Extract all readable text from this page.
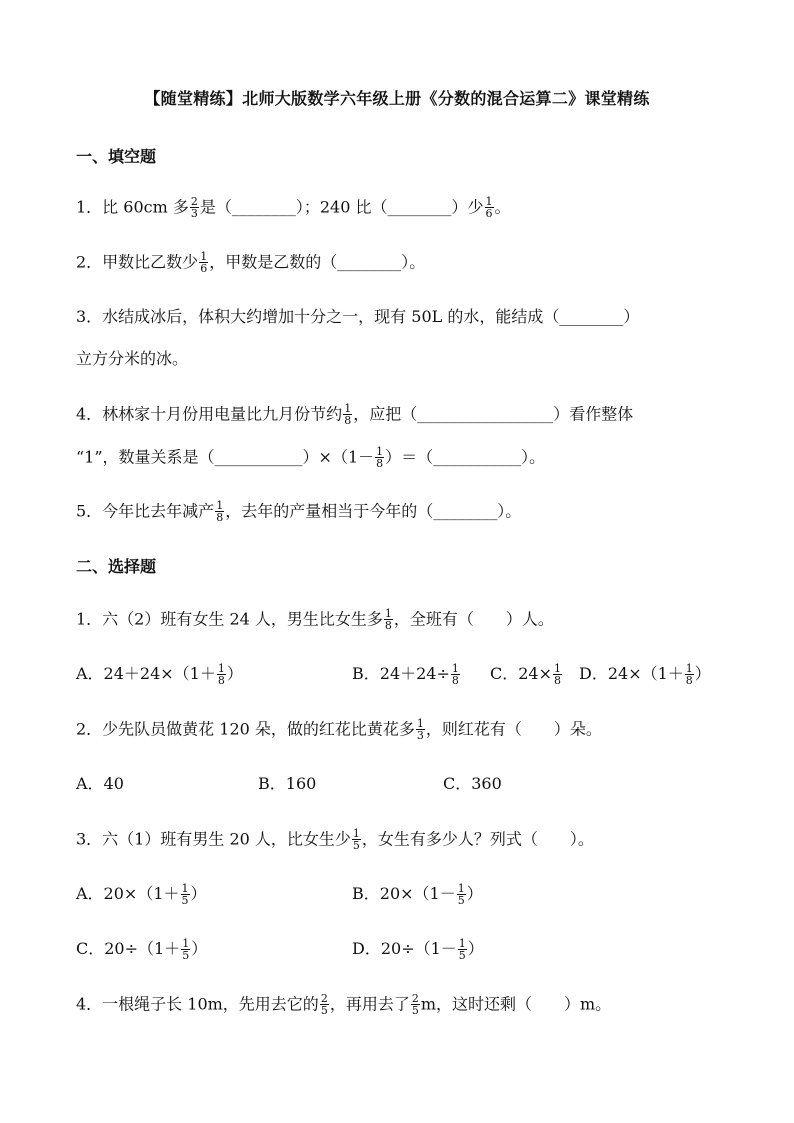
【随堂精练】北师大版数学六年级上册《分数的混合运算二》课堂精练
一、填空题
1．比 60cm 多 $\frac{2}{3}$ 是（________）；240 比（________）少 $\frac{1}{6}$ 。
2．甲数比乙数少 $\frac{1}{6}$ ，甲数是乙数的（________）。
3．水结成冰后，体积大约增加十分之一，现有 50L 的水，能结成（________）
立方分米的冰。
4．林林家十月份用电量比九月份节约 $\frac{1}{8}$ ，应把（_________________）看作整体
“1”，数量关系是（___________）×（1－ $\frac{1}{8}$ ）＝（___________）。
5．今年比去年减产 $\frac{1}{8}$ ，去年的产量相当于今年的（________）。
二、选择题
1．六（2）班有女生 24 人，男生比女生多 $\frac{1}{8}$ ，全班有（　　）人。
A．$24+24\times(1+ \frac{1}{8}$ ）	B．$24+24\div \frac{1}{8}$ C．$24\times \frac{1}{8}$ D．$24\times(1+ \frac{1}{8}$ ）
2．少先队员做黄花 120 朵，做的红花比黄花多 $\frac{1}{3}$ ，则红花有（　　）朵。
A．40	B．160	C．360
3．六（1）班有男生 20 人，比女生少 $\frac{1}{5}$ ，女生有多少人？列式（　　）。
A．$20\times(1+ \frac{1}{5}$ ）	B．$20\times(1- \frac{1}{5}$ ）
C．$20\div(1+ \frac{1}{5}$ ）	D．$20\div(1- \frac{1}{5}$ ）
4．一根绳子长 10m，先用去它的 $\frac{2}{5}$ ，再用去了 $\frac{2}{5}$ m，这时还剩（　　）m。
